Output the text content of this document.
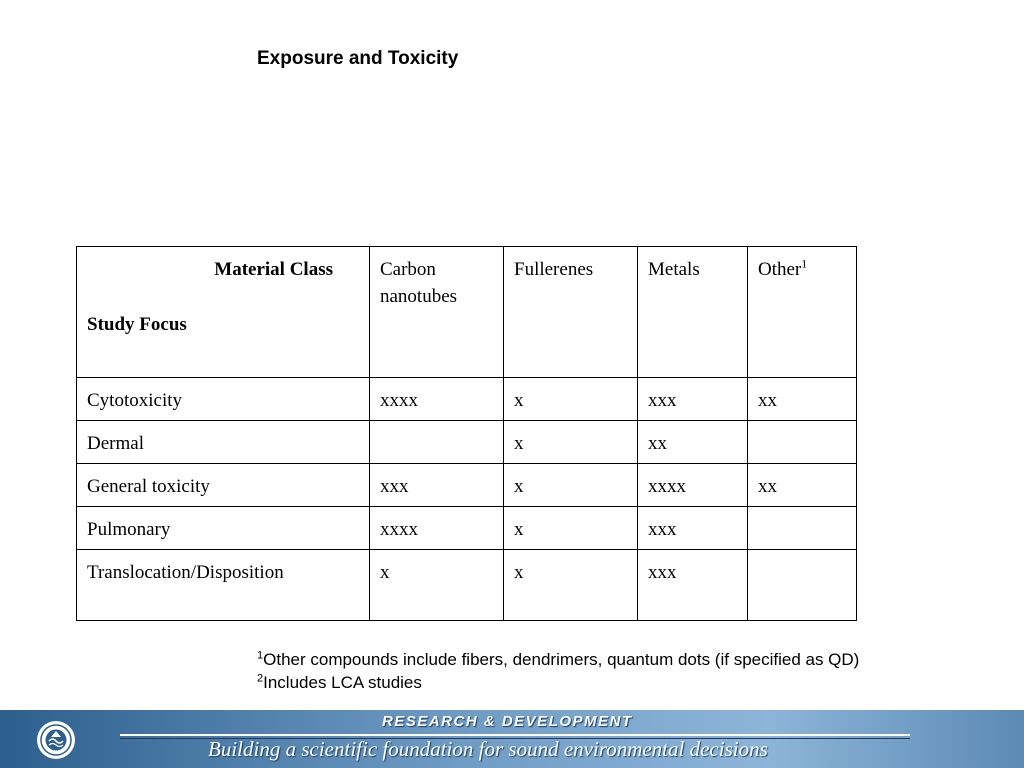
Exposure and Toxicity
Material Class
Study Focus	Carbon nanotubes	Fullerenes	Metals	Other$^1$
Cytotoxicity	xxxx	x	xxx	xx
Dermal		x	xx	
General toxicity	xxx	x	xxxx	xx
Pulmonary	xxxx	x	xxx	
Translocation/Disposition	x	x	xxx	
$^1$Other compounds include fibers, dendrimers, quantum dots (if specified as QD)
$^2$Includes LCA studies
RESEARCH & DEVELOPMENT
Building a scientific foundation for sound environmental decisions
